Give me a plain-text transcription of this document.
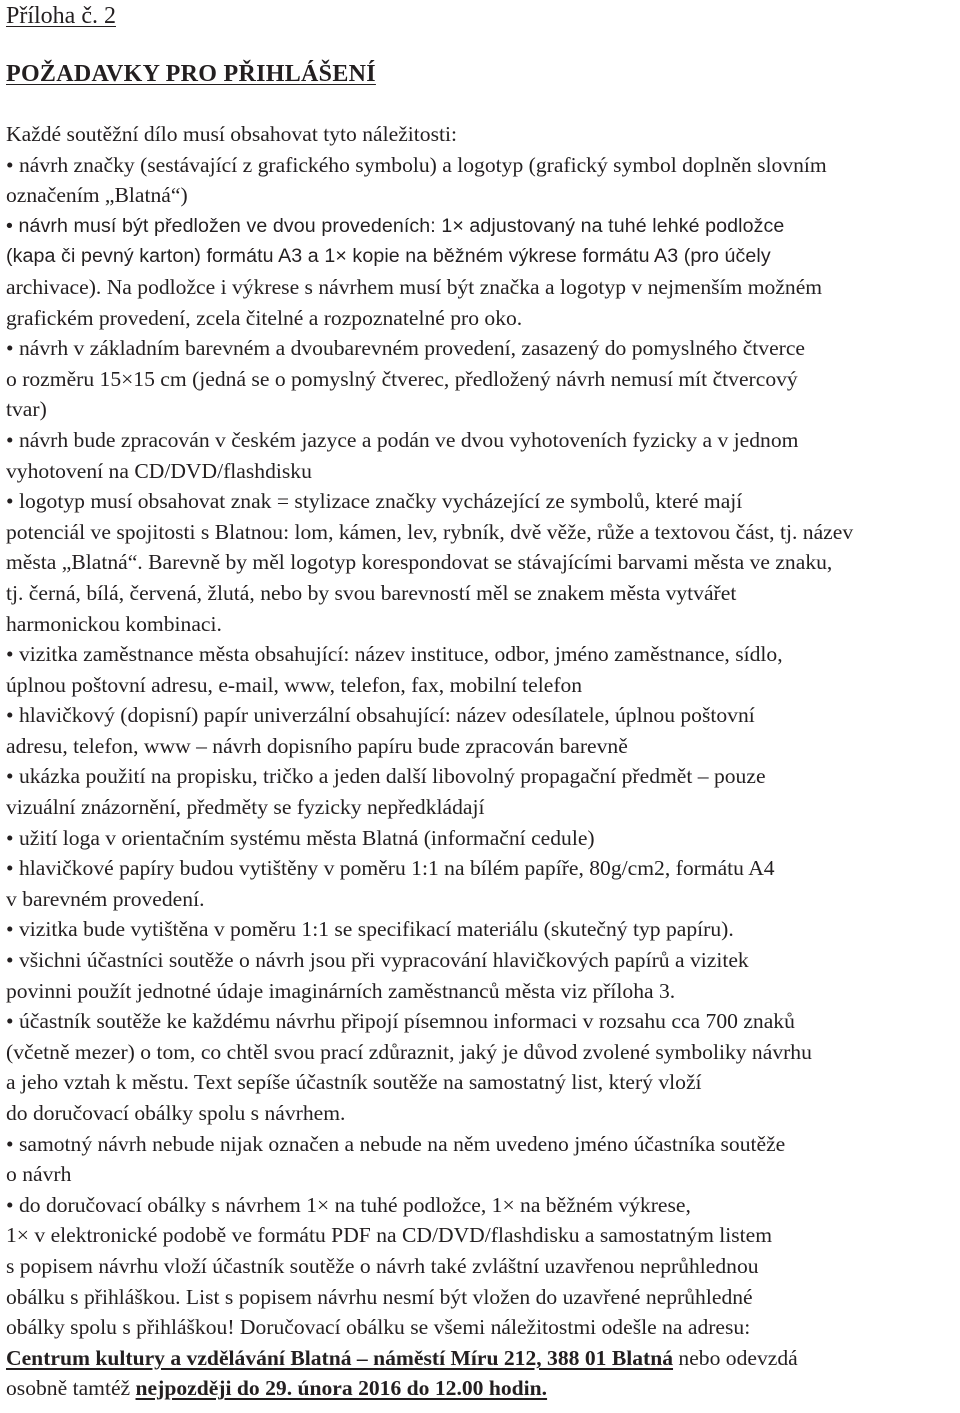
Příloha č. 2
POŽADAVKY PRO PŘIHLÁŠENÍ
Každé soutěžní dílo musí obsahovat tyto náležitosti:
• návrh značky (sestávající z grafického symbolu) a logotyp (grafický symbol doplněn slovním
označením „Blatná“)
• návrh musí být předložen ve dvou provedeních: 1× adjustovaný na tuhé lehké podložce
(kapa či pevný karton) formátu A3 a 1× kopie na běžném výkrese formátu A3 (pro účely
archivace). Na podložce i výkrese s návrhem musí být značka a logotyp v nejmenším možném
grafickém provedení, zcela čitelné a rozpoznatelné pro oko.
• návrh v základním barevném a dvoubarevném provedení, zasazený do pomyslného čtverce
o rozměru 15×15 cm (jedná se o pomyslný čtverec, předložený návrh nemusí mít čtvercový
tvar)
• návrh bude zpracován v českém jazyce a podán ve dvou vyhotoveních fyzicky a v jednom
vyhotovení na CD/DVD/flashdisku
• logotyp musí obsahovat znak = stylizace značky vycházející ze symbolů, které mají
potenciál ve spojitosti s Blatnou: lom, kámen, lev, rybník, dvě věže, růže a textovou část, tj. název
města „Blatná“. Barevně by měl logotyp korespondovat se stávajícími barvami města ve znaku,
tj. černá, bílá, červená, žlutá, nebo by svou barevností měl se znakem města vytvářet
harmonickou kombinaci.
• vizitka zaměstnance města obsahující: název instituce, odbor, jméno zaměstnance, sídlo,
úplnou poštovní adresu, e-mail, www, telefon, fax, mobilní telefon
• hlavičkový (dopisní) papír univerzální obsahující: název odesílatele, úplnou poštovní
adresu, telefon, www – návrh dopisního papíru bude zpracován barevně
• ukázka použití na propisku, tričko a jeden další libovolný propagační předmět – pouze
vizuální znázornění, předměty se fyzicky nepředkládají
• užití loga v orientačním systému města Blatná (informační cedule)
• hlavičkové papíry budou vytištěny v poměru 1:1 na bílém papíře, 80g/cm2, formátu A4
v barevném provedení.
• vizitka bude vytištěna v poměru 1:1 se specifikací materiálu (skutečný typ papíru).
• všichni účastníci soutěže o návrh jsou při vypracování hlavičkových papírů a vizitek
povinni použít jednotné údaje imaginárních zaměstnanců města viz příloha 3.
• účastník soutěže ke každému návrhu připojí písemnou informaci v rozsahu cca 700 znaků
(včetně mezer) o tom, co chtěl svou prací zdůraznit, jaký je důvod zvolené symboliky návrhu
a jeho vztah k městu. Text sepíše účastník soutěže na samostatný list, který vloží
do doručovací obálky spolu s návrhem.
• samotný návrh nebude nijak označen a nebude na něm uvedeno jméno účastníka soutěže
o návrh
• do doručovací obálky s návrhem 1× na tuhé podložce, 1× na běžném výkrese,
1× v elektronické podobě ve formátu PDF na CD/DVD/flashdisku a samostatným listem
s popisem návrhu vloží účastník soutěže o návrh také zvláštní uzavřenou neprůhlednou
obálku s přihláškou. List s popisem návrhu nesmí být vložen do uzavřené neprůhledné
obálky spolu s přihláškou! Doručovací obálku se všemi náležitostmi odešle na adresu:
Centrum kultury a vzdělávání Blatná – náměstí Míru 212, 388 01 Blatná nebo odevzdá
osobně tamtéž nejpozději do 29. února 2016 do 12.00 hodin.
